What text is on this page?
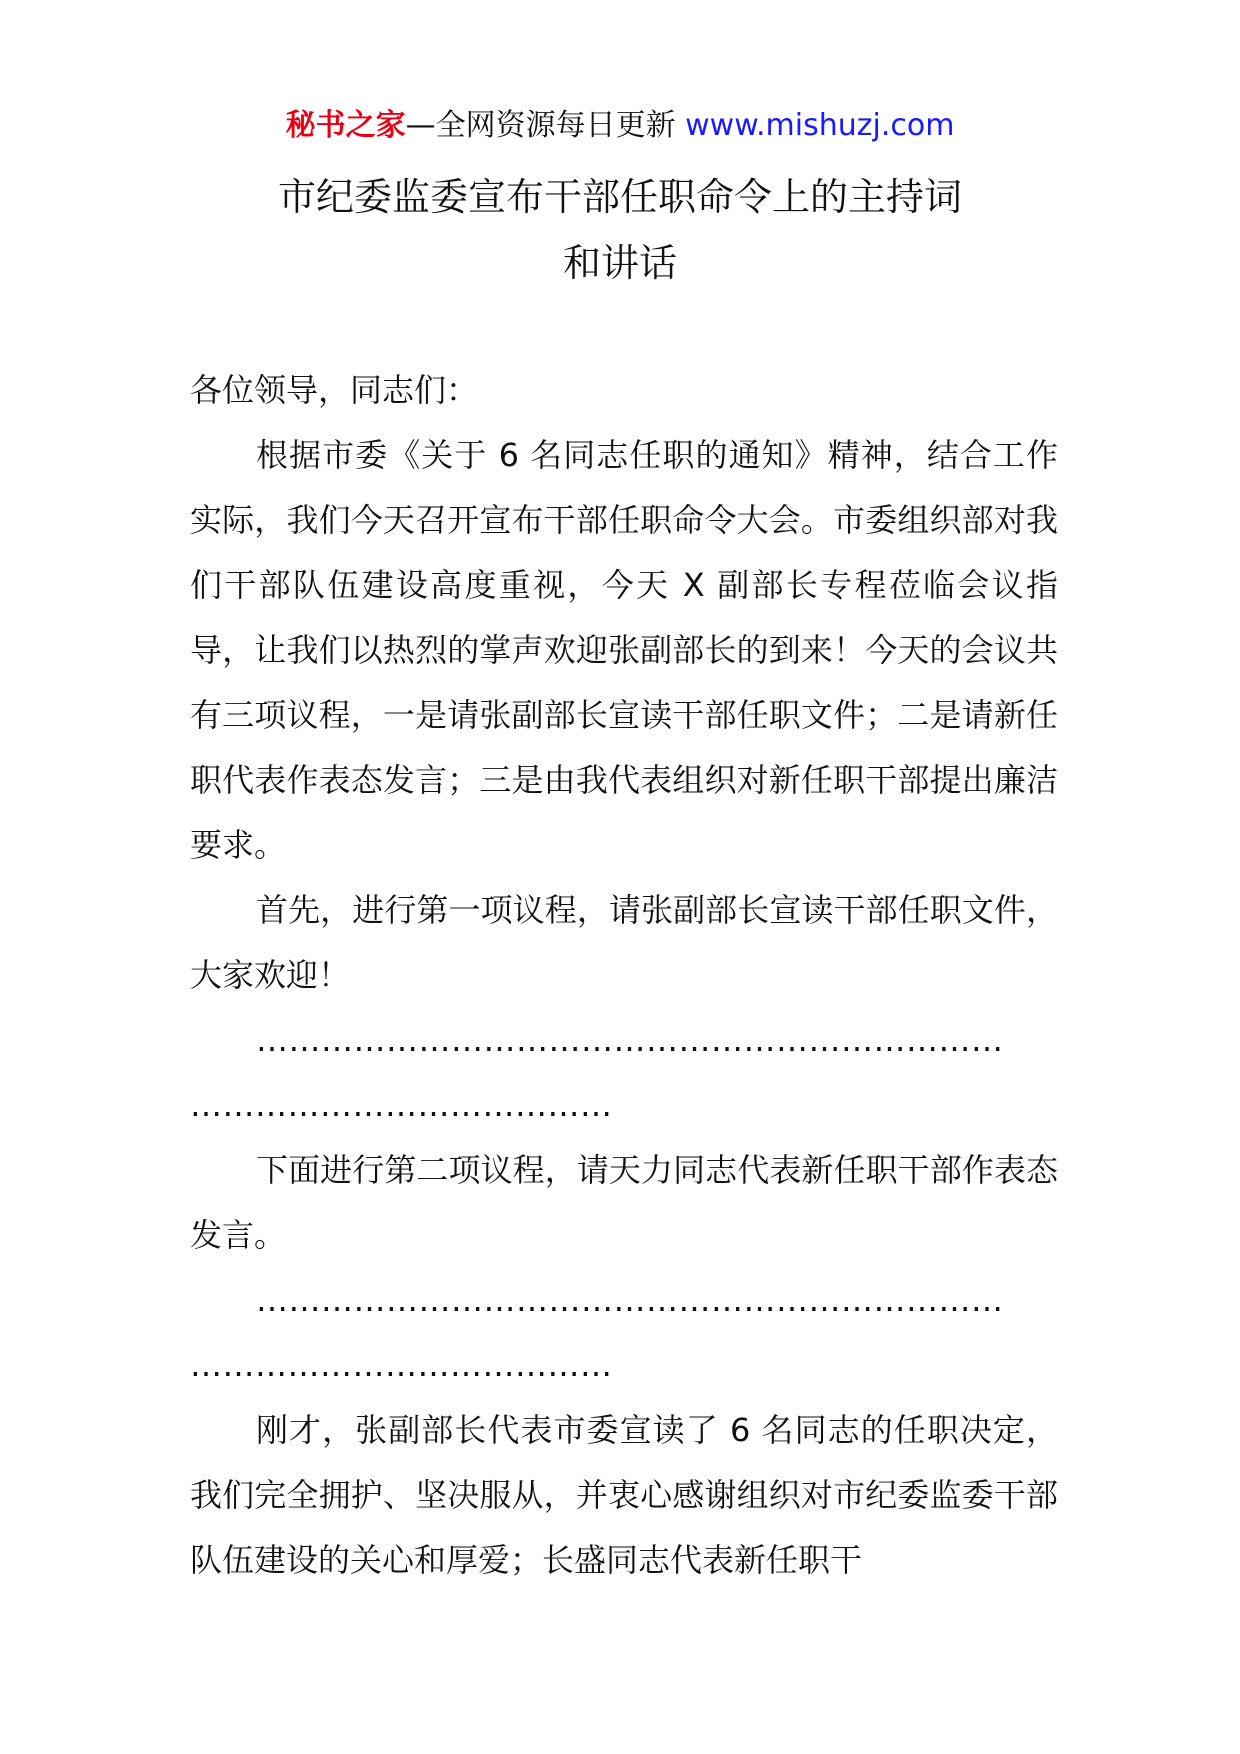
秘书之家—全网资源每日更新 www.mishuzj.com
市纪委监委宣布干部任职命令上的主持词
和讲话

各位领导，同志们：

根据市委《关于 6 名同志任职的通知》精神，结合工作实际，我们今天召开宣布干部任职命令大会。市委组织部对我们干部队伍建设高度重视，今天 X 副部长专程莅临会议指导，让我们以热烈的掌声欢迎张副部长的到来！今天的会议共有三项议程，一是请张副部长宣读干部任职文件；二是请新任职代表作表态发言；三是由我代表组织对新任职干部提出廉洁要求。

首先，进行第一项议程，请张副部长宣读干部任职文件，大家欢迎！

……………………………………………………………

…………………………………

下面进行第二项议程，请天力同志代表新任职干部作表态发言。

……………………………………………………………

…………………………………

刚才，张副部长代表市委宣读了 6 名同志的任职决定，我们完全拥护、坚决服从，并衷心感谢组织对市纪委监委干部队伍建设的关心和厚爱；长盛同志代表新任职干
